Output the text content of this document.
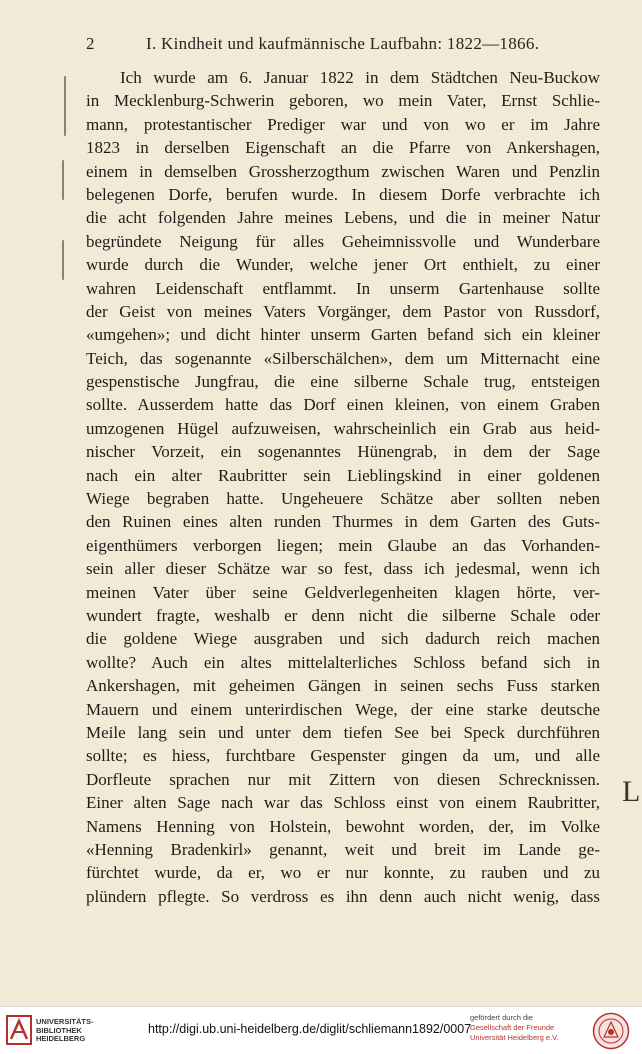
2	I. Kindheit und kaufmännische Laufbahn: 1822—1866.
Ich wurde am 6. Januar 1822 in dem Städtchen Neu-Buckow
in Mecklenburg-Schwerin geboren, wo mein Vater, Ernst Schlie-
mann, protestantischer Prediger war und von wo er im Jahre
1823 in derselben Eigenschaft an die Pfarre von Ankershagen,
einem in demselben Grossherzogthum zwischen Waren und Penzlin
belegenen Dorfe, berufen wurde. In diesem Dorfe verbrachte ich
die acht folgenden Jahre meines Lebens, und die in meiner Natur
begründete Neigung für alles Geheimnissvolle und Wunderbare
wurde durch die Wunder, welche jener Ort enthielt, zu einer
wahren Leidenschaft entflammt. In unserm Gartenhause sollte
der Geist von meines Vaters Vorgänger, dem Pastor von Russdorf,
«umgehen»; und dicht hinter unserm Garten befand sich ein kleiner
Teich, das sogenannte «Silberschälchen», dem um Mitternacht eine
gespenstische Jungfrau, die eine silberne Schale trug, entsteigen
sollte. Ausserdem hatte das Dorf einen kleinen, von einem Graben
umzogenen Hügel aufzuweisen, wahrscheinlich ein Grab aus heid-
nischer Vorzeit, ein sogenanntes Hünengrab, in dem der Sage
nach ein alter Raubritter sein Lieblingskind in einer goldenen
Wiege begraben hatte. Ungeheuere Schätze aber sollten neben
den Ruinen eines alten runden Thurmes in dem Garten des Guts-
eigenthümers verborgen liegen; mein Glaube an das Vorhanden-
sein aller dieser Schätze war so fest, dass ich jedesmal, wenn ich
meinen Vater über seine Geldverlegenheiten klagen hörte, ver-
wundert fragte, weshalb er denn nicht die silberne Schale oder
die goldene Wiege ausgraben und sich dadurch reich machen
wollte? Auch ein altes mittelalterliches Schloss befand sich in
Ankershagen, mit geheimen Gängen in seinen sechs Fuss starken
Mauern und einem unterirdischen Wege, der eine starke deutsche
Meile lang sein und unter dem tiefen See bei Speck durchführen
sollte; es hiess, furchtbare Gespenster gingen da um, und alle
Dorfleute sprachen nur mit Zittern von diesen Schrecknissen.
Einer alten Sage nach war das Schloss einst von einem Raubritter,
Namens Henning von Holstein, bewohnt worden, der, im Volke
«Henning Bradenkirl» genannt, weit und breit im Lande ge-
fürchtet wurde, da er, wo er nur konnte, zu rauben und zu
plündern pflegte. So verdross es ihn denn auch nicht wenig, dass
L
UNIVERSITÄTS-
BIBLIOTHEK
HEIDELBERG
http://digi.ub.uni-heidelberg.de/diglit/schliemann1892/0007
gefördert durch die
Gesellschaft der Freunde
Universität Heidelberg e.V.
